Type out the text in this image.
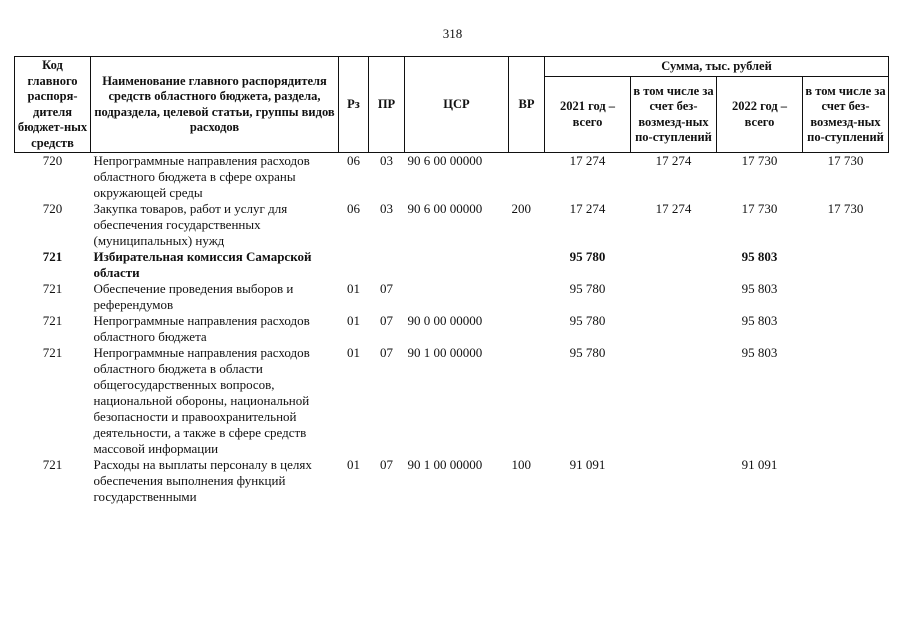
318
Код главного распоря-дителя бюджет-ных средств	Наименование главного распорядителя средств областного бюджета, раздела, подраздела, целевой статьи, группы видов расходов	Рз	ПР	ЦСР	ВР	Сумма, тыс. рублей			
						2021 год – всего	в том числе за счет без-возмезд-ных по-ступлений	2022 год – всего	в том числе за счет без-возмезд-ных по-ступлений
720	Непрограммные направления расходов областного бюджета в сфере охраны окружающей среды	06	03	90 6 00 00000		17 274	17 274	17 730	17 730
720	Закупка товаров, работ и услуг для обеспечения государственных (муниципальных) нужд	06	03	90 6 00 00000	200	17 274	17 274	17 730	17 730
721	Избирательная комиссия Самарской области					95 780		95 803	
721	Обеспечение проведения выборов и референдумов	01	07			95 780		95 803	
721	Непрограммные направления расходов областного бюджета	01	07	90 0 00 00000		95 780		95 803	
721	Непрограммные направления расходов областного бюджета в области общегосударственных вопросов, национальной обороны, национальной безопасности и правоохранительной деятельности, а также в сфере средств массовой информации	01	07	90 1 00 00000		95 780		95 803	
721	Расходы на выплаты персоналу в целях обеспечения выполнения функций государственными	01	07	90 1 00 00000	100	91 091		91 091	
